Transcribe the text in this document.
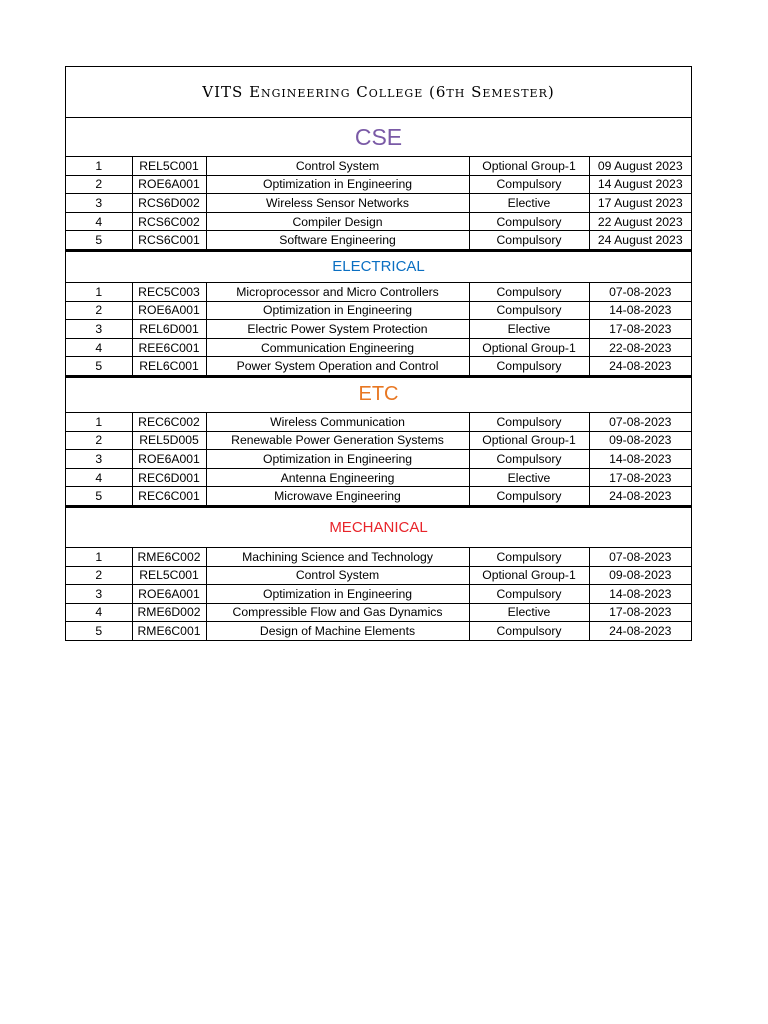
VITS Engineering College (6th Semester)
CSE
1	REL5C001	Control System	Optional Group-1	09 August 2023
2	ROE6A001	Optimization in Engineering	Compulsory	14 August 2023
3	RCS6D002	Wireless Sensor Networks	Elective	17 August 2023
4	RCS6C002	Compiler Design	Compulsory	22 August 2023
5	RCS6C001	Software Engineering	Compulsory	24 August 2023
ELECTRICAL
1	REC5C003	Microprocessor and Micro Controllers	Compulsory	07-08-2023
2	ROE6A001	Optimization in Engineering	Compulsory	14-08-2023
3	REL6D001	Electric Power System Protection	Elective	17-08-2023
4	REE6C001	Communication Engineering	Optional Group-1	22-08-2023
5	REL6C001	Power System Operation and Control	Compulsory	24-08-2023
ETC
1	REC6C002	Wireless Communication	Compulsory	07-08-2023
2	REL5D005	Renewable Power Generation Systems	Optional Group-1	09-08-2023
3	ROE6A001	Optimization in Engineering	Compulsory	14-08-2023
4	REC6D001	Antenna Engineering	Elective	17-08-2023
5	REC6C001	Microwave Engineering	Compulsory	24-08-2023
MECHANICAL
1	RME6C002	Machining Science and Technology	Compulsory	07-08-2023
2	REL5C001	Control System	Optional Group-1	09-08-2023
3	ROE6A001	Optimization in Engineering	Compulsory	14-08-2023
4	RME6D002	Compressible Flow and Gas Dynamics	Elective	17-08-2023
5	RME6C001	Design of Machine Elements	Compulsory	24-08-2023
